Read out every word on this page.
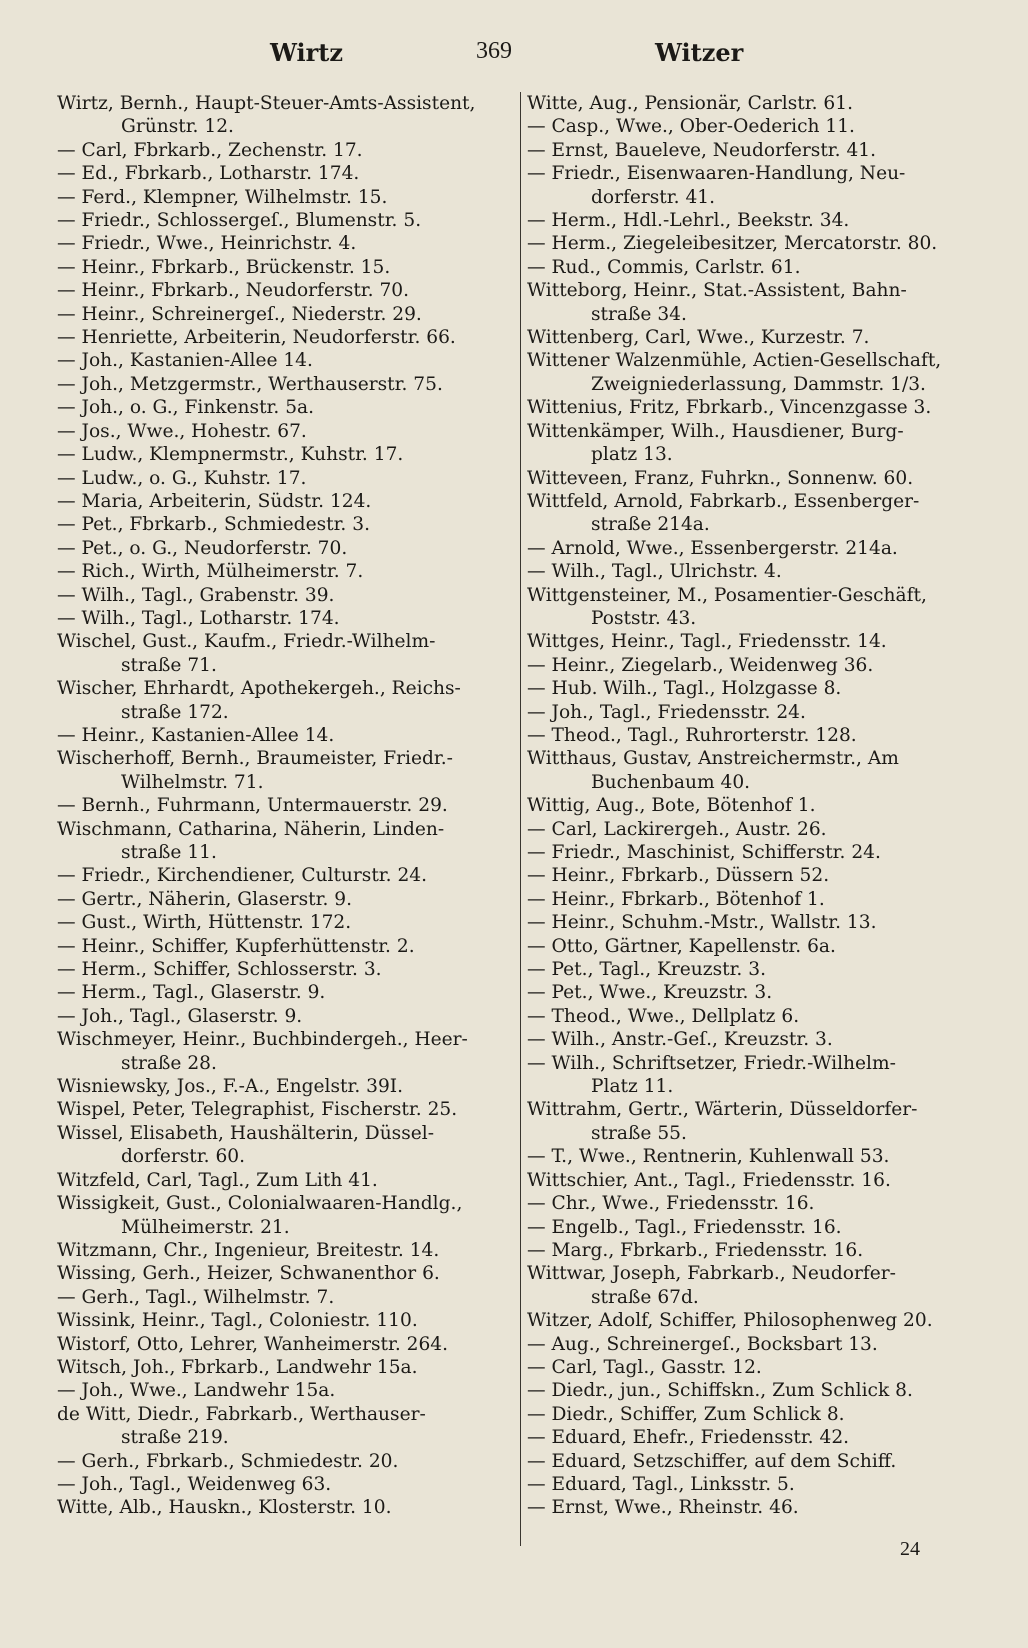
Wirtz	369	Witzer
Wirtz, Bernh., Haupt-Steuer-Amts-Assistent,
Grünstr. 12.
— Carl, Fbrkarb., Zechenstr. 17.
— Ed., Fbrkarb., Lotharstr. 174.
— Ferd., Klempner, Wilhelmstr. 15.
— Friedr., Schlossergeſ., Blumenstr. 5.
— Friedr., Wwe., Heinrichstr. 4.
— Heinr., Fbrkarb., Brückenstr. 15.
— Heinr., Fbrkarb., Neudorferstr. 70.
— Heinr., Schreinergeſ., Niederstr. 29.
— Henriette, Arbeiterin, Neudorferstr. 66.
— Joh., Kastanien-Allee 14.
— Joh., Metzgermstr., Werthauserstr. 75.
— Joh., o. G., Finkenstr. 5a.
— Jos., Wwe., Hohestr. 67.
— Ludw., Klempnermstr., Kuhstr. 17.
— Ludw., o. G., Kuhstr. 17.
— Maria, Arbeiterin, Südstr. 124.
— Pet., Fbrkarb., Schmiedestr. 3.
— Pet., o. G., Neudorferstr. 70.
— Rich., Wirth, Mülheimerstr. 7.
— Wilh., Tagl., Grabenstr. 39.
— Wilh., Tagl., Lotharstr. 174.
Wischel, Gust., Kaufm., Friedr.-Wilhelm-
straße 71.
Wischer, Ehrhardt, Apothekergeh., Reichs-
straße 172.
— Heinr., Kastanien-Allee 14.
Wischerhoff, Bernh., Braumeister, Friedr.-
Wilhelmstr. 71.
— Bernh., Fuhrmann, Untermauerstr. 29.
Wischmann, Catharina, Näherin, Linden-
straße 11.
— Friedr., Kirchendiener, Culturstr. 24.
— Gertr., Näherin, Glaserstr. 9.
— Gust., Wirth, Hüttenstr. 172.
— Heinr., Schiffer, Kupferhüttenstr. 2.
— Herm., Schiffer, Schlosserstr. 3.
— Herm., Tagl., Glaserstr. 9.
— Joh., Tagl., Glaserstr. 9.
Wischmeyer, Heinr., Buchbindergeh., Heer-
straße 28.
Wisniewsky, Jos., F.-A., Engelstr. 39I.
Wispel, Peter, Telegraphist, Fischerstr. 25.
Wissel, Elisabeth, Haushälterin, Düssel-
dorferstr. 60.
Witzfeld, Carl, Tagl., Zum Lith 41.
Wissigkeit, Gust., Colonialwaaren-Handlg.,
Mülheimerstr. 21.
Witzmann, Chr., Ingenieur, Breitestr. 14.
Wissing, Gerh., Heizer, Schwanenthor 6.
— Gerh., Tagl., Wilhelmstr. 7.
Wissink, Heinr., Tagl., Coloniestr. 110.
Wistorf, Otto, Lehrer, Wanheimerstr. 264.
Witsch, Joh., Fbrkarb., Landwehr 15a.
— Joh., Wwe., Landwehr 15a.
de Witt, Diedr., Fabrkarb., Werthauser-
straße 219.
— Gerh., Fbrkarb., Schmiedestr. 20.
— Joh., Tagl., Weidenweg 63.
Witte, Alb., Hauskn., Klosterstr. 10.
Witte, Aug., Pensionär, Carlstr. 61.
— Casp., Wwe., Ober-Oederich 11.
— Ernst, Baueleve, Neudorferstr. 41.
— Friedr., Eisenwaaren-Handlung, Neu-
dorferstr. 41.
— Herm., Hdl.-Lehrl., Beekstr. 34.
— Herm., Ziegeleibesitzer, Mercatorstr. 80.
— Rud., Commis, Carlstr. 61.
Witteborg, Heinr., Stat.-Assistent, Bahn-
straße 34.
Wittenberg, Carl, Wwe., Kurzestr. 7.
Wittener Walzenmühle, Actien-Gesellschaft,
Zweigniederlassung, Dammstr. 1/3.
Wittenius, Fritz, Fbrkarb., Vincenzgasse 3.
Wittenkämper, Wilh., Hausdiener, Burg-
platz 13.
Witteveen, Franz, Fuhrkn., Sonnenw. 60.
Wittfeld, Arnold, Fabrkarb., Essenberger-
straße 214a.
— Arnold, Wwe., Essenbergerstr. 214a.
— Wilh., Tagl., Ulrichstr. 4.
Wittgensteiner, M., Posamentier-Geschäft,
Poststr. 43.
Wittges, Heinr., Tagl., Friedensstr. 14.
— Heinr., Ziegelarb., Weidenweg 36.
— Hub. Wilh., Tagl., Holzgasse 8.
— Joh., Tagl., Friedensstr. 24.
— Theod., Tagl., Ruhrorterstr. 128.
Witthaus, Gustav, Anstreichermstr., Am
Buchenbaum 40.
Wittig, Aug., Bote, Bötenhof 1.
— Carl, Lackirergeh., Austr. 26.
— Friedr., Maschinist, Schifferstr. 24.
— Heinr., Fbrkarb., Düssern 52.
— Heinr., Fbrkarb., Bötenhof 1.
— Heinr., Schuhm.-Mstr., Wallstr. 13.
— Otto, Gärtner, Kapellenstr. 6a.
— Pet., Tagl., Kreuzstr. 3.
— Pet., Wwe., Kreuzstr. 3.
— Theod., Wwe., Dellplatz 6.
— Wilh., Anstr.-Geſ., Kreuzstr. 3.
— Wilh., Schriftsetzer, Friedr.-Wilhelm-
Platz 11.
Wittrahm, Gertr., Wärterin, Düsseldorfer-
straße 55.
— T., Wwe., Rentnerin, Kuhlenwall 53.
Wittschier, Ant., Tagl., Friedensstr. 16.
— Chr., Wwe., Friedensstr. 16.
— Engelb., Tagl., Friedensstr. 16.
— Marg., Fbrkarb., Friedensstr. 16.
Wittwar, Joseph, Fabrkarb., Neudorfer-
straße 67d.
Witzer, Adolf, Schiffer, Philosophenweg 20.
— Aug., Schreinergeſ., Bocksbart 13.
— Carl, Tagl., Gasstr. 12.
— Diedr., jun., Schiffskn., Zum Schlick 8.
— Diedr., Schiffer, Zum Schlick 8.
— Eduard, Ehefr., Friedensstr. 42.
— Eduard, Setzschiffer, auf dem Schiff.
— Eduard, Tagl., Linksstr. 5.
— Ernst, Wwe., Rheinstr. 46.
24
